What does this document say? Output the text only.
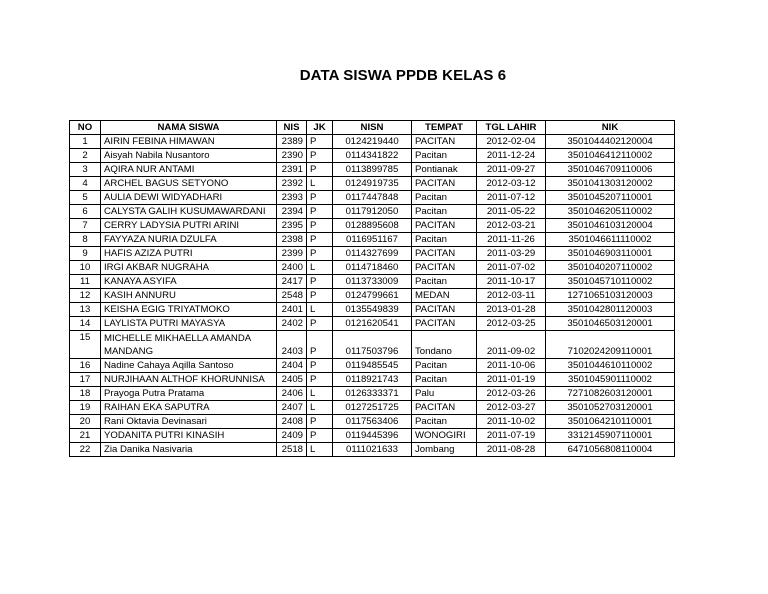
DATA SISWA PPDB KELAS 6
NO	NAMA SISWA	NIS	JK	NISN	TEMPAT	TGL LAHIR	NIK
1	AIRIN FEBINA HIMAWAN	2389	P	0124219440	PACITAN	2012-02-04	3501044402120004
2	Aisyah Nabila Nusantoro	2390	P	0114341822	Pacitan	2011-12-24	3501046412110002
3	AQIRA NUR ANTAMI	2391	P	0113899785	Pontianak	2011-09-27	3501046709110006
4	ARCHEL BAGUS SETYONO	2392	L	0124919735	PACITAN	2012-03-12	3501041303120002
5	AULIA DEWI WIDYADHARI	2393	P	0117447848	Pacitan	2011-07-12	3501045207110001
6	CALYSTA GALIH KUSUMAWARDANI	2394	P	0117912050	Pacitan	2011-05-22	3501046205110002
7	CERRY LADYSIA PUTRI ARINI	2395	P	0128895608	PACITAN	2012-03-21	3501046103120004
8	FAYYAZA NURIA DZULFA	2398	P	0116951167	Pacitan	2011-11-26	3501046611110002
9	HAFIS AZIZA PUTRI	2399	P	0114327699	PACITAN	2011-03-29	3501046903110001
10	IRGI AKBAR NUGRAHA	2400	L	0114718460	PACITAN	2011-07-02	3501040207110002
11	KANAYA ASYIFA	2417	P	0113733009	Pacitan	2011-10-17	3501045710110002
12	KASIH ANNURU	2548	P	0124799661	MEDAN	2012-03-11	1271065103120003
13	KEISHA EGIG TRIYATMOKO	2401	L	0135549839	PACITAN	2013-01-28	3501042801120003
14	LAYLISTA PUTRI MAYASYA	2402	P	0121620541	PACITAN	2012-03-25	3501046503120001
15	MICHELLE MIKHAELLA AMANDA MANDANG	2403	P	0117503796	Tondano	2011-09-02	7102024209110001
16	Nadine Cahaya Aqilla Santoso	2404	P	0119485545	Pacitan	2011-10-06	3501044610110002
17	NURJIHAAN ALTHOF KHORUNNISA	2405	P	0118921743	Pacitan	2011-01-19	3501045901110002
18	Prayoga Putra Pratama	2406	L	0126333371	Palu	2012-03-26	7271082603120001
19	RAIHAN EKA SAPUTRA	2407	L	0127251725	PACITAN	2012-03-27	3501052703120001
20	Rani Oktavia Devinasari	2408	P	0117563406	Pacitan	2011-10-02	3501064210110001
21	YODANITA PUTRI KINASIH	2409	P	0119445396	WONOGIRI	2011-07-19	3312145907110001
22	Zia Danika Nasivaria	2518	L	0111021633	Jombang	2011-08-28	6471056808110004
